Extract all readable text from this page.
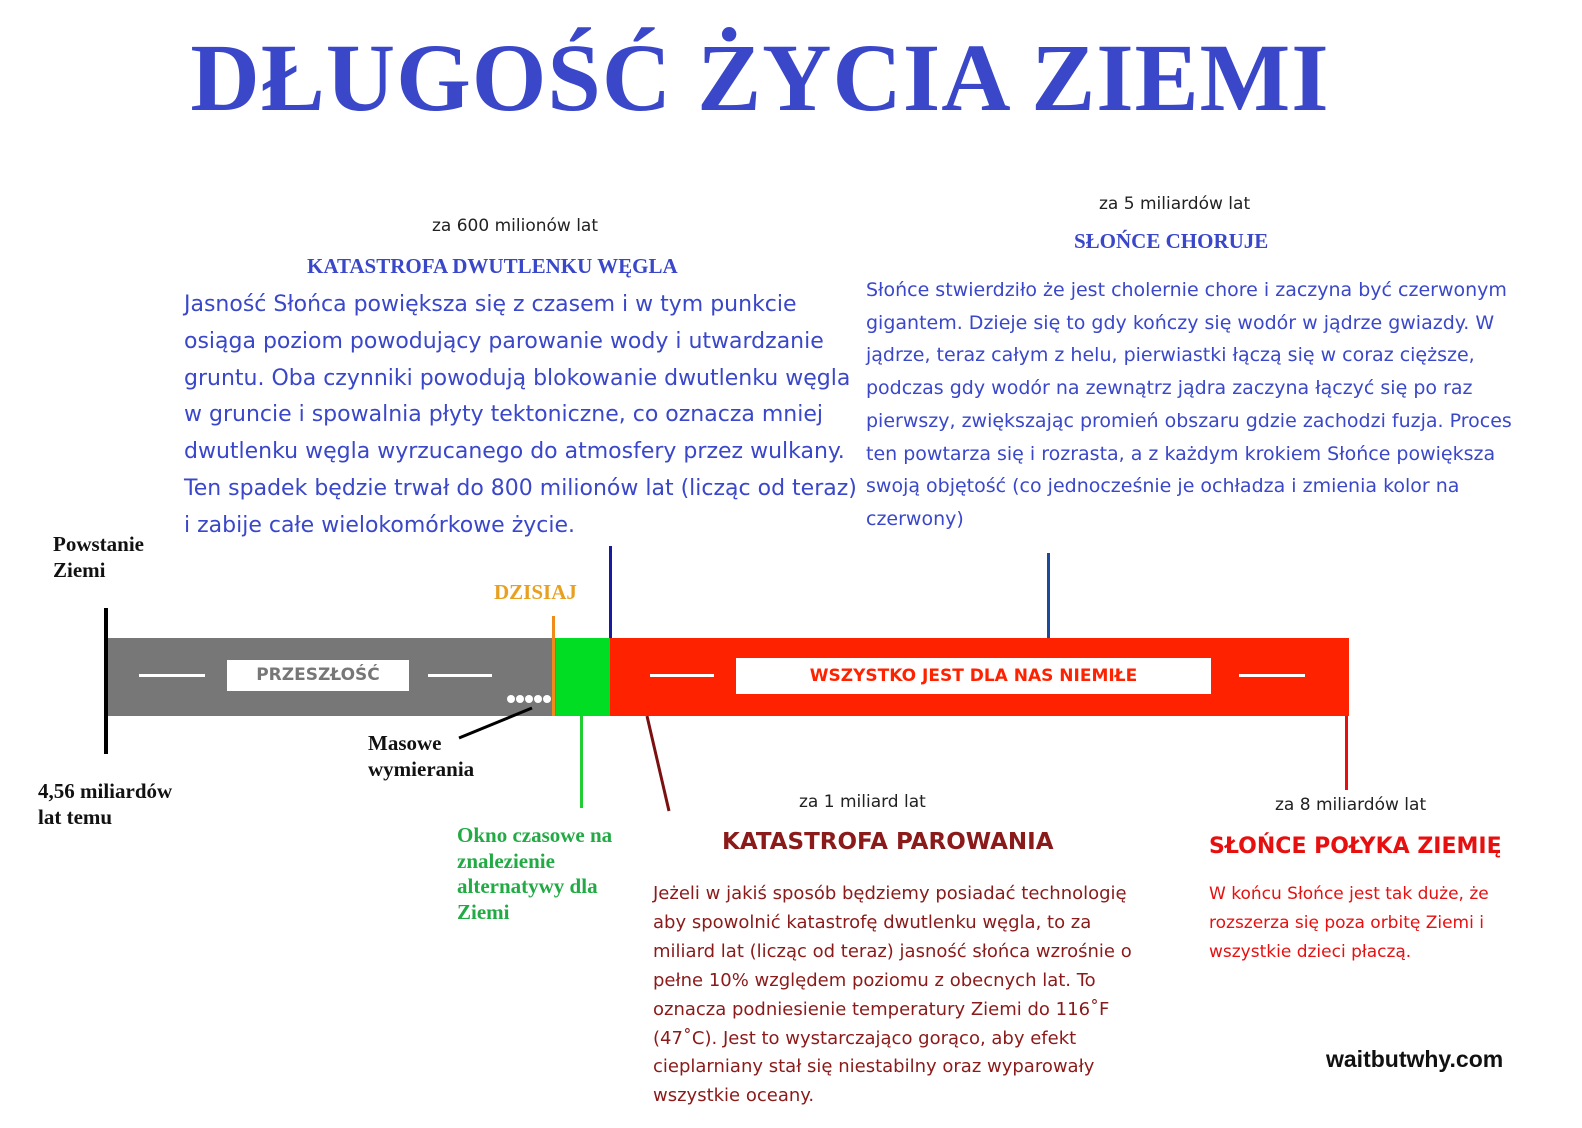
DŁUGOŚĆ ŻYCIA ZIEMI
za 600 milionów lat
KATASTROFA DWUTLENKU WĘGLA
Jasność Słońca powiększa się z czasem i w tym punkcie
osiąga poziom powodujący parowanie wody i utwardzanie
gruntu. Oba czynniki powodują blokowanie dwutlenku węgla
w gruncie i spowalnia płyty tektoniczne, co oznacza mniej
dwutlenku węgla wyrzucanego do atmosfery przez wulkany.
Ten spadek będzie trwał do 800 milionów lat (licząc od teraz)
i zabije całe wielokomórkowe życie.
za 5 miliardów lat
SŁOŃCE CHORUJE
Słońce stwierdziło że jest cholernie chore i zaczyna być czerwonym
gigantem. Dzieje się to gdy kończy się wodór w jądrze gwiazdy. W
jądrze, teraz całym z helu, pierwiastki łączą się w coraz cięższe,
podczas gdy wodór na zewnątrz jądra zaczyna łączyć się po raz
pierwszy, zwiększając promień obszaru gdzie zachodzi fuzja. Proces
ten powtarza się i rozrasta, a z każdym krokiem Słońce powiększa
swoją objętość (co jednocześnie je ochładza i zmienia kolor na
czerwony)
Powstanie
Ziemi
4,56 miliardów
lat temu
DZISIAJ
PRZESZŁOŚĆ	WSZYSTKO JEST DLA NAS NIEMIŁE
Masowe
wymierania
Okno czasowe na
znalezienie
alternatywy dla
Ziemi
za 1 miliard lat
KATASTROFA PAROWANIA
Jeżeli w jakiś sposób będziemy posiadać technologię
aby spowolnić katastrofę dwutlenku węgla, to za
miliard lat (licząc od teraz) jasność słońca wzrośnie o
pełne 10% względem poziomu z obecnych lat. To
oznacza podniesienie temperatury Ziemi do 116˚F
(47˚C). Jest to wystarczająco gorąco, aby efekt
cieplarniany stał się niestabilny oraz wyparowały
wszystkie oceany.
za 8 miliardów lat
SŁOŃCE POŁYKA ZIEMIĘ
W końcu Słońce jest tak duże, że
rozszerza się poza orbitę Ziemi i
wszystkie dzieci płaczą.
waitbutwhy.com
